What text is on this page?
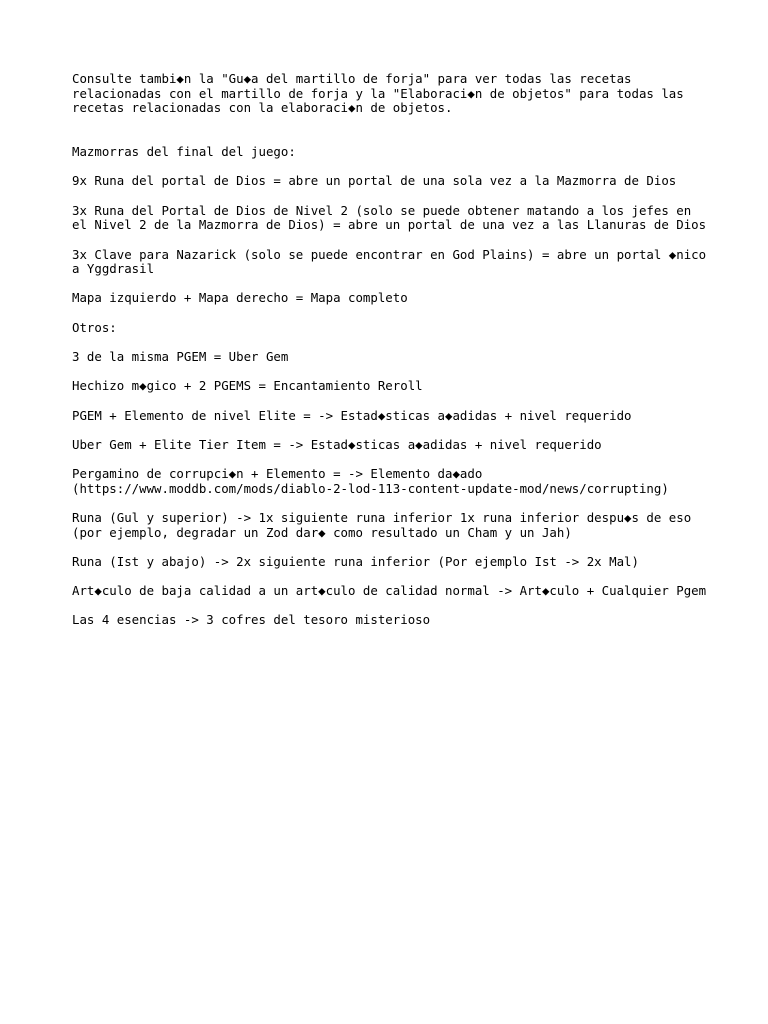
Consulte tambi◆n la "Gu◆a del martillo de forja" para ver todas las recetas relacionadas con el martillo de forja y la "Elaboraci◆n de objetos" para todas las recetas relacionadas con la elaboraci◆n de objetos.

Mazmorras del final del juego:

9x Runa del portal de Dios = abre un portal de una sola vez a la Mazmorra de Dios

3x Runa del Portal de Dios de Nivel 2 (solo se puede obtener matando a los jefes en el Nivel 2 de la Mazmorra de Dios) = abre un portal de una vez a las Llanuras de Dios

3x Clave para Nazarick (solo se puede encontrar en God Plains) = abre un portal ◆nico a Yggdrasil

Mapa izquierdo + Mapa derecho = Mapa completo

Otros:

3 de la misma PGEM = Uber Gem

Hechizo m◆gico + 2 PGEMS = Encantamiento Reroll

PGEM + Elemento de nivel Elite = -> Estad◆sticas a◆adidas + nivel requerido

Uber Gem + Elite Tier Item = -> Estad◆sticas a◆adidas + nivel requerido

Pergamino de corrupci◆n + Elemento = -> Elemento da◆ado (https://www.moddb.com/mods/diablo-2-lod-113-content-update-mod/news/corrupting)

Runa (Gul y superior) -> 1x siguiente runa inferior 1x runa inferior despu◆s de eso (por ejemplo, degradar un Zod dar◆ como resultado un Cham y un Jah)

Runa (Ist y abajo) -> 2x siguiente runa inferior (Por ejemplo Ist -> 2x Mal)

Art◆culo de baja calidad a un art◆culo de calidad normal -> Art◆culo + Cualquier Pgem

Las 4 esencias -> 3 cofres del tesoro misterioso
